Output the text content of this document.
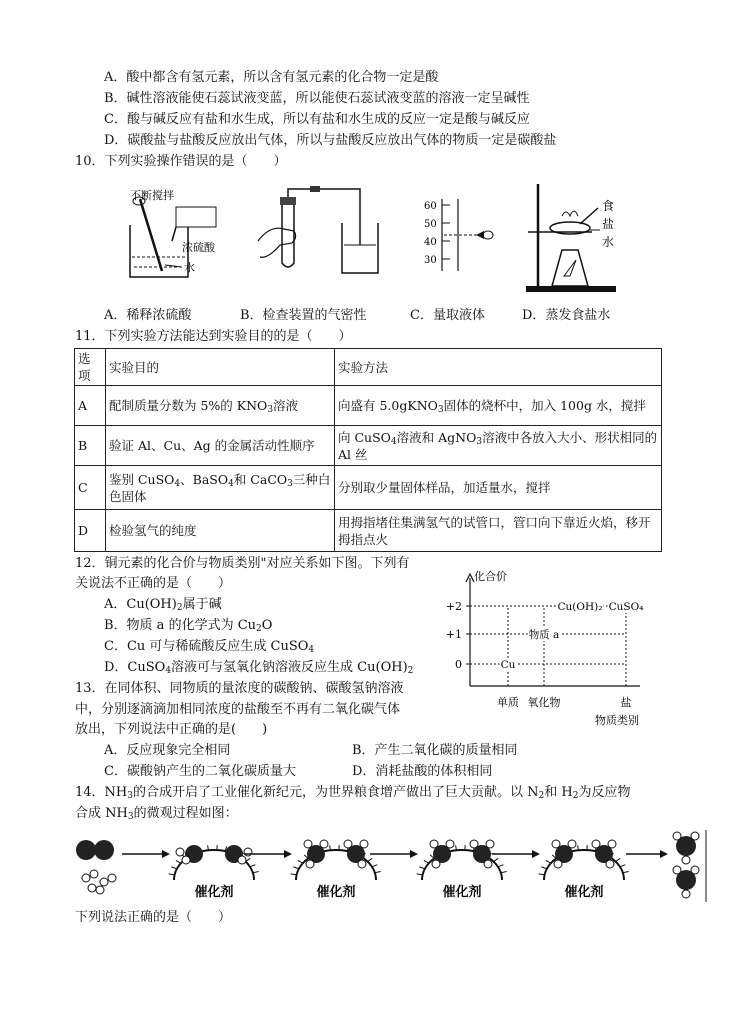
A．酸中都含有氢元素，所以含有氢元素的化合物一定是酸
B．碱性溶液能使石蕊试液变蓝，所以能使石蕊试液变蓝的溶液一定呈碱性
C．酸与碱反应有盐和水生成，所以有盐和水生成的反应一定是酸与碱反应
D．碳酸盐与盐酸反应放出气体，所以与盐酸反应放出气体的物质一定是碳酸盐
10．下列实验操作错误的是（　　）
不断搅拌
浓硫酸
水
60
50
40
30
食
盐
水
A．稀释浓硫酸	B．检查装置的气密性	C．量取液体	D．蒸发食盐水
11．下列实验方法能达到实验目的的是（　　）
选项	实验目的	实验方法
A	配制质量分数为 5%的 $KNO_3$溶液	向盛有 5.0gKNO$_3$固体的烧杯中，加入 100g 水，搅拌
B	验证 Al、Cu、Ag 的金属活动性顺序	向 CuSO$_4$溶液和 AgNO$_3$溶液中各放入大小、形状相同的 Al 丝
C	鉴别 CuSO$_4$、BaSO$_4$和 CaCO$_3$三种白色固体	分别取少量固体样品，加适量水，搅拌
D	检验氢气的纯度	用拇指堵住集满氢气的试管口，管口向下靠近火焰，移开拇指点火
12．铜元素的化合价与物质类别"对应关系如下图。下列有
关说法不正确的是（　　）
A．$Cu(OH)_2$属于碱
B．物质 a 的化学式为 $Cu_2O$
C．Cu 可与稀硫酸反应生成 CuSO$_4$
D．CuSO$_4$溶液可与氢氧化钠溶液反应生成 $Cu(OH)_2$
化合价
物质类别
+2
+1
0
单质 氧化物	盐
Cu
物质 a
Cu(OH)₂ CuSO₄
13．在同体积、同物质的量浓度的碳酸钠、碳酸氢钠溶液
中，分别逐滴滴加相同浓度的盐酸至不再有二氧化碳气体
放出，下列说法中正确的是(　　)
A．反应现象完全相同	B．产生二氧化碳的质量相同
C．碳酸钠产生的二氧化碳质量大	D．消耗盐酸的体积相同
14．$NH_3$的合成开启了工业催化新纪元，为世界粮食增产做出了巨大贡献。以 $N_2$和 $H_2$为反应物
合成 $NH_3$的微观过程如图：
催化剂	催化剂	催化剂	催化剂
下列说法正确的是（　　）
